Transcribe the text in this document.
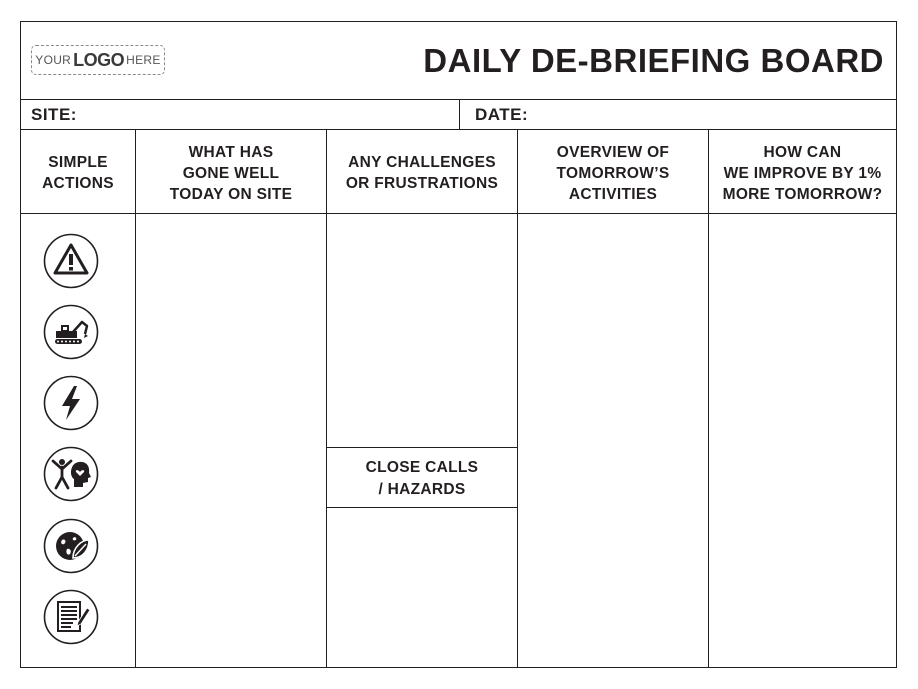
YOUR LOGO HERE	DAILY DE-BRIEFING BOARD
SITE:	DATE:
SIMPLE
ACTIONS
WHAT HAS
GONE WELL
TODAY ON SITE
ANY CHALLENGES
OR FRUSTRATIONS
OVERVIEW OF
TOMORROW’S
ACTIVITIES
HOW CAN
WE IMPROVE BY 1%
MORE TOMORROW?
CLOSE CALLS
/ HAZARDS
